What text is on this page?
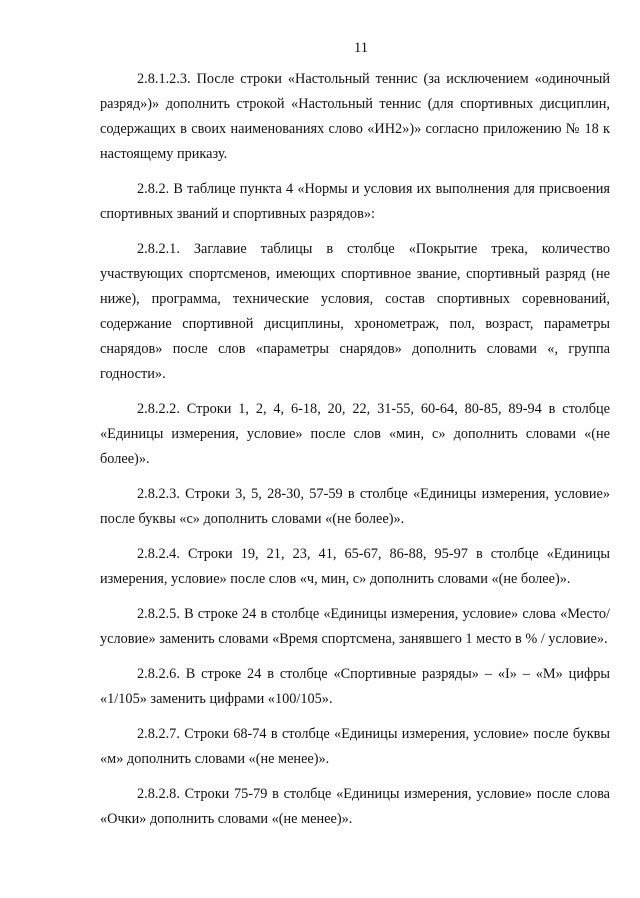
11

2.8.1.2.3. После строки «Настольный теннис (за исключением «одиночный разряд»)» дополнить строкой «Настольный теннис (для спортивных дисциплин, содержащих в своих наименованиях слово «ИН2»)» согласно приложению № 18 к настоящему приказу.

2.8.2. В таблице пункта 4 «Нормы и условия их выполнения для присвоения спортивных званий и спортивных разрядов»:

2.8.2.1. Заглавие таблицы в столбце «Покрытие трека, количество участвующих спортсменов, имеющих спортивное звание, спортивный разряд (не ниже), программа, технические условия, состав спортивных соревнований, содержание спортивной дисциплины, хронометраж, пол, возраст, параметры снарядов» после слов «параметры снарядов» дополнить словами «, группа годности».

2.8.2.2. Строки 1, 2, 4, 6-18, 20, 22, 31-55, 60-64, 80-85, 89-94 в столбце «Единицы измерения, условие» после слов «мин, с» дополнить словами «(не более)».

2.8.2.3. Строки 3, 5, 28-30, 57-59 в столбце «Единицы измерения, условие» после буквы «с» дополнить словами «(не более)».

2.8.2.4. Строки 19, 21, 23, 41, 65-67, 86-88, 95-97 в столбце «Единицы измерения, условие» после слов «ч, мин, с» дополнить словами «(не более)».

2.8.2.5. В строке 24 в столбце «Единицы измерения, условие» слова «Место/условие» заменить словами «Время спортсмена, занявшего 1 место в % / условие».

2.8.2.6. В строке 24 в столбце «Спортивные разряды» – «I» – «M» цифры «1/105» заменить цифрами «100/105».

2.8.2.7. Строки 68-74 в столбце «Единицы измерения, условие» после буквы «м» дополнить словами «(не менее)».

2.8.2.8. Строки 75-79 в столбце «Единицы измерения, условие» после слова «Очки» дополнить словами «(не менее)».
